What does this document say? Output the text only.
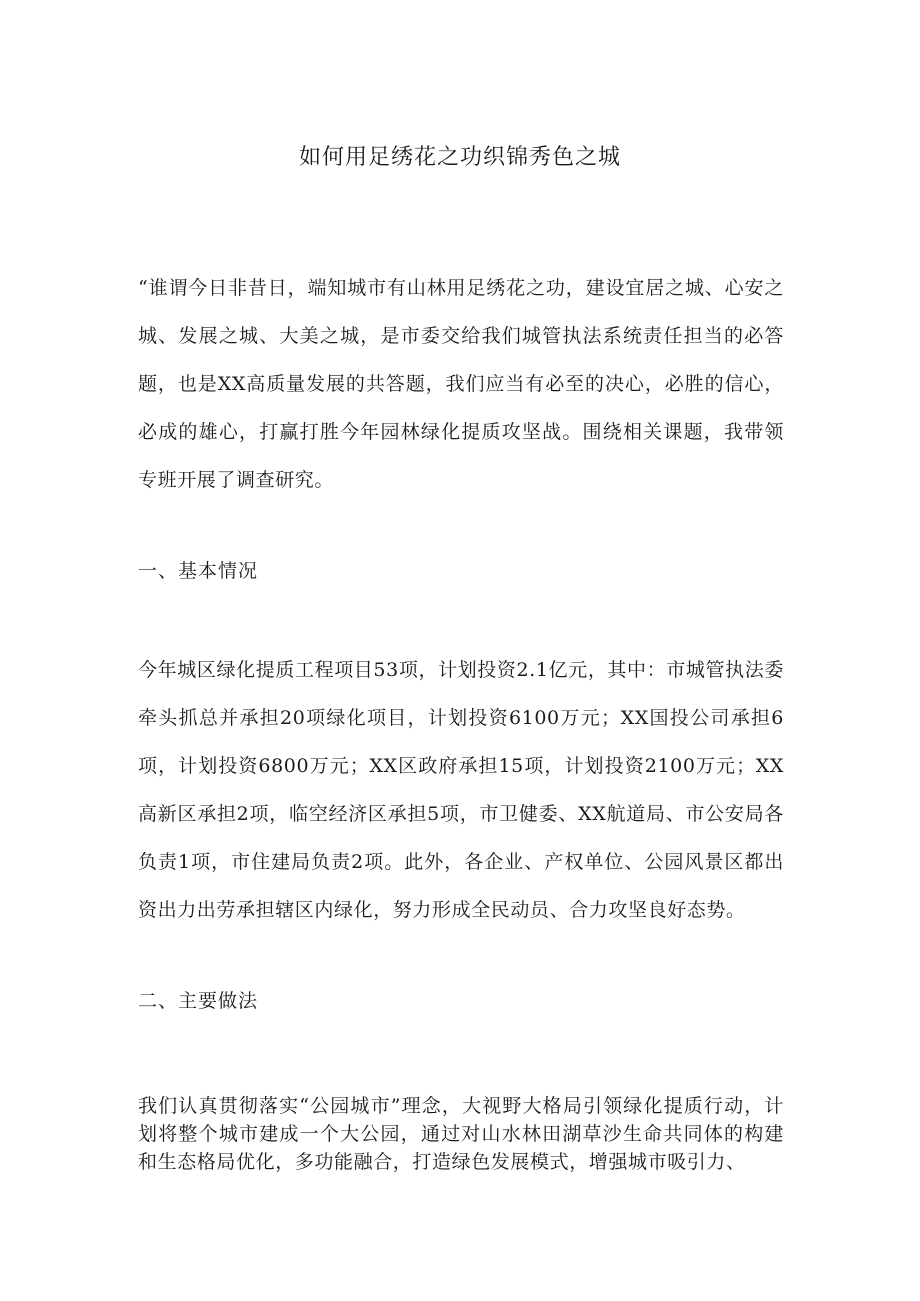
如何用足绣花之功织锦秀色之城

“谁谓今日非昔日，端知城市有山林用足绣花之功，建设宜居之城、心安之城、发展之城、大美之城，是市委交给我们城管执法系统责任担当的必答题，也是XX高质量发展的共答题，我们应当有必至的决心，必胜的信心，必成的雄心，打赢打胜今年园林绿化提质攻坚战。围绕相关课题，我带领专班开展了调查研究。

一、基本情况

今年城区绿化提质工程项目53项，计划投资2.1亿元，其中：市城管执法委牵头抓总并承担20项绿化项目，计划投资6100万元；XX国投公司承担6项，计划投资6800万元；XX区政府承担15项，计划投资2100万元；XX高新区承担2项，临空经济区承担5项，市卫健委、XX航道局、市公安局各负责1项，市住建局负责2项。此外，各企业、产权单位、公园风景区都出资出力出劳承担辖区内绿化，努力形成全民动员、合力攻坚良好态势。

二、主要做法

我们认真贯彻落实“公园城市”理念，大视野大格局引领绿化提质行动，计划将整个城市建成一个大公园，通过对山水林田湖草沙生命共同体的构建和生态格局优化，多功能融合，打造绿色发展模式，增强城市吸引力、
